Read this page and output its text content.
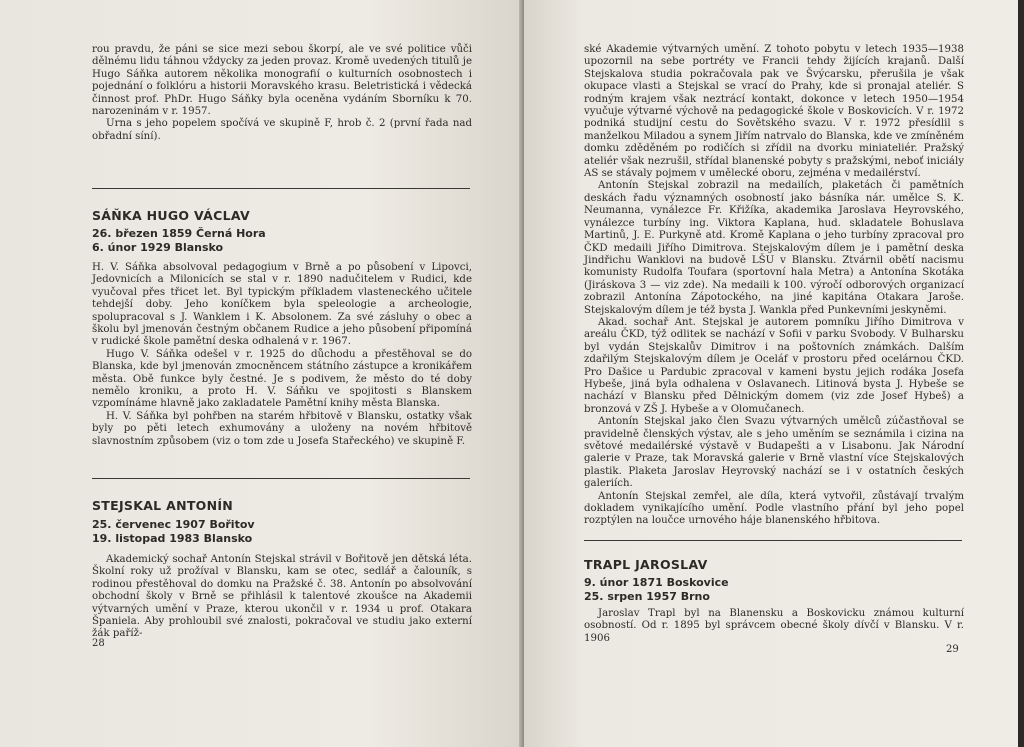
rou pravdu, že páni se sice mezi sebou škorpí, ale ve své politice vůči dělnému lidu táhnou vždycky za jeden provaz. Kromě uvedených titulů je Hugo Sáňka autorem několika monografií o kulturních osobnostech i pojednání o folklóru a historii Moravského krasu. Beletristická i vědecká činnost prof. PhDr. Hugo Sáňky byla oceněna vydáním Sborníku k 70. narozeninám v r. 1957.

Urna s jeho popelem spočívá ve skupině F, hrob č. 2 (první řada nad obřadní síní).

SÁŇKA HUGO VÁCLAV
26. březen 1859 Černá Hora
6. únor 1929 Blansko

H. V. Sáňka absolvoval pedagogium v Brně a po působení v Lipovci, Jedovnicích a Milonicích se stal v r. 1890 nadučitelem v Rudici, kde vyučoval přes třicet let. Byl typickým příkladem vlasteneckého učitele tehdejší doby. Jeho koníčkem byla speleologie a archeologie, spolupracoval s J. Wanklem i K. Absolonem. Za své zásluhy o obec a školu byl jmenován čestným občanem Rudice a jeho působení připomíná v rudické škole pamětní deska odhalená v r. 1967.

Hugo V. Sáňka odešel v r. 1925 do důchodu a přestěhoval se do Blanska, kde byl jmenován zmocněncem státního zástupce a kronikářem města. Obě funkce byly čestné. Je s podivem, že město do té doby nemělo kroniku, a proto H. V. Sáňku ve spojitosti s Blanskem vzpomínáme hlavně jako zakladatele Pamětní knihy města Blanska.

H. V. Sáňka byl pohřben na starém hřbitově v Blansku, ostatky však byly po pěti letech exhumovány a uloženy na novém hřbitově slavnostním způsobem (viz o tom zde u Josefa Stařeckého) ve skupině F.

STEJSKAL ANTONÍN
25. červenec 1907 Bořitov
19. listopad 1983 Blansko

Akademický sochař Antonín Stejskal strávil v Bořitově jen dětská léta. Školní roky už prožíval v Blansku, kam se otec, sedlář a čalouník, s rodinou přestěhoval do domku na Pražské č. 38. Antonín po absolvování obchodní školy v Brně se přihlásil k talentové zkoušce na Akademii výtvarných umění v Praze, kterou ukončil v r. 1934 u prof. Otakara Španiela. Aby prohloubil své znalosti, pokračoval ve studiu jako externí žák paříž-

28

ské Akademie výtvarných umění. Z tohoto pobytu v letech 1935—1938 upozornil na sebe portréty ve Francii tehdy žijících krajanů. Další Stejskalova studia pokračovala pak ve Švýcarsku, přerušila je však okupace vlasti a Stejskal se vrací do Prahy, kde si pronajal ateliér. S rodným krajem však neztrácí kontakt, dokonce v letech 1950—1954 vyučuje výtvarné výchově na pedagogické škole v Boskovicích. V r. 1972 podniká studijní cestu do Sovětského svazu. V r. 1972 přesídlil s manželkou Miladou a synem Jiřím natrvalo do Blanska, kde ve zmíněném domku zděděném po rodičích si zřídil na dvorku miniateliér. Pražský ateliér však nezrušil, střídal blanenské pobyty s pražskými, neboť iniciály AS se stávaly pojmem v umělecké oboru, zejména v medailérství.

Antonín Stejskal zobrazil na medailích, plaketách či pamětních deskách řadu významných osobností jako básníka nár. umělce S. K. Neumanna, vynálezce Fr. Křižíka, akademika Jaroslava Heyrovského, vynálezce turbíny ing. Viktora Kaplana, hud. skladatele Bohuslava Martinů, J. E. Purkyně atd. Kromě Kaplana o jeho turbíny zpracoval pro ČKD medaili Jiřího Dimitrova. Stejskalovým dílem je i pamětní deska Jindřichu Wanklovi na budově LŠU v Blansku. Ztvárnil obětí nacismu komunisty Rudolfa Toufara (sportovní hala Metra) a Antonína Skotáka (Jiráskova 3 — viz zde). Na medaili k 100. výročí odborových organizací zobrazil Antonína Zápotockého, na jiné kapitána Otakara Jaroše. Stejskalovým dílem je též bysta J. Wankla před Punkevními jeskyněmi.

Akad. sochař Ant. Stejskal je autorem pomníku Jiřího Dimitrova v areálu ČKD, týž odlitek se nachází v Sofii v parku Svobody. V Bulharsku byl vydán Stejskalův Dimitrov i na poštovních známkách. Dalším zdařilým Stejskalovým dílem je Oceláf v prostoru před ocelárnou ČKD. Pro Dašice u Pardubic zpracoval v kameni bystu jejich rodáka Josefa Hybeše, jiná byla odhalena v Oslavanech. Litinová bysta J. Hybeše se nachází v Blansku před Dělnickým domem (viz zde Josef Hybeš) a bronzová v ZŠ J. Hybeše a v Olomučanech.

Antonín Stejskal jako člen Svazu výtvarných umělců zúčastňoval se pravidelně členských výstav, ale s jeho uměním se seznámila i cizina na světové medailérské výstavě v Budapešti a v Lisabonu. Jak Národní galerie v Praze, tak Moravská galerie v Brně vlastní více Stejskalových plastik. Plaketa Jaroslav Heyrovský nachází se i v ostatních českých galeriích.

Antonín Stejskal zemřel, ale díla, která vytvořil, zůstávají trvalým dokladem vynikajícího umění. Podle vlastního přání byl jeho popel rozptýlen na loučce urnového háje blanenského hřbitova.

TRAPL JAROSLAV
9. únor 1871 Boskovice
25. srpen 1957 Brno

Jaroslav Trapl byl na Blanensku a Boskovicku známou kulturní osobností. Od r. 1895 byl správcem obecné školy dívčí v Blansku. V r. 1906

29
